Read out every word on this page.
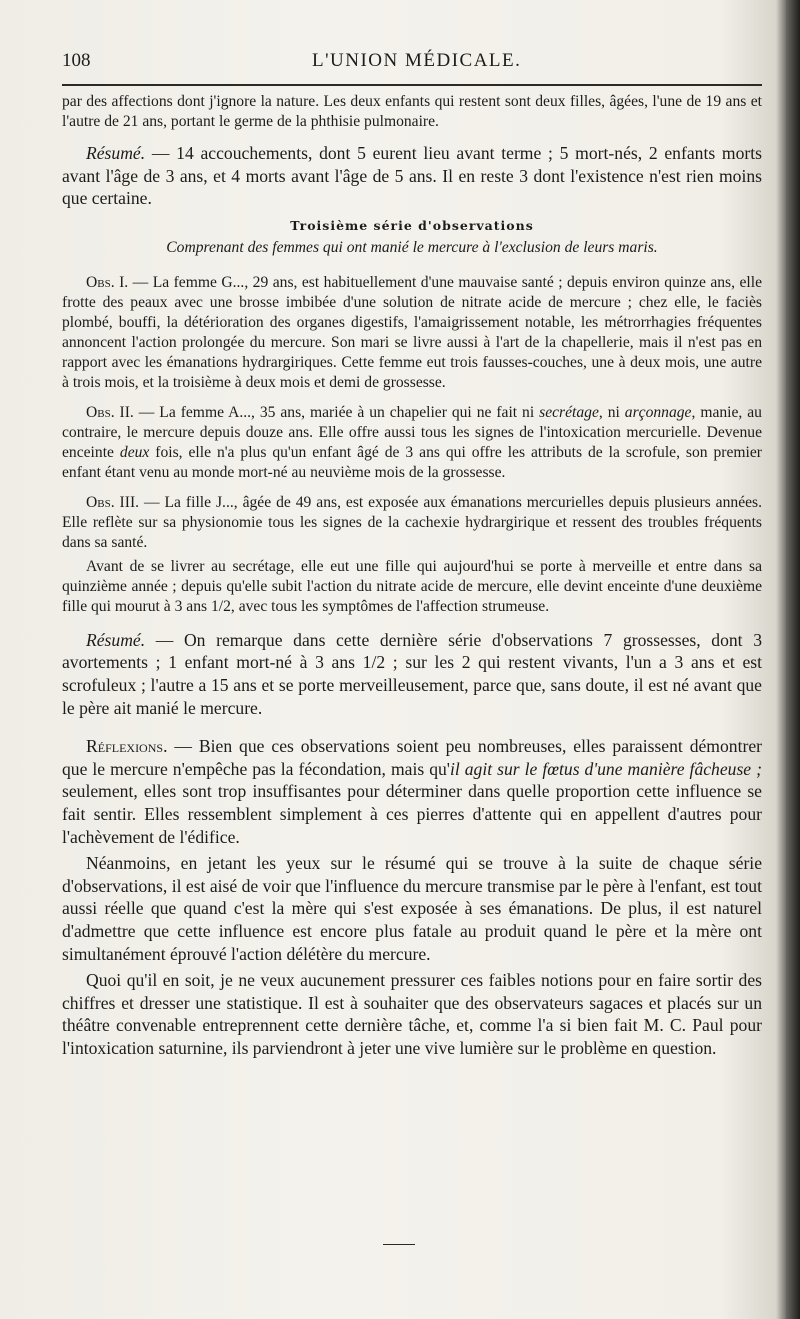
108	L'UNION MÉDICALE.

par des affections dont j'ignore la nature. Les deux enfants qui restent sont deux filles, âgées, l'une de 19 ans et l'autre de 21 ans, portant le germe de la phthisie pulmonaire.

Résumé. — 14 accouchements, dont 5 eurent lieu avant terme ; 5 mort-nés, 2 enfants morts avant l'âge de 3 ans, et 4 morts avant l'âge de 5 ans. Il en reste 3 dont l'existence n'est rien moins que certaine.

Troisième série d'observations
Comprenant des femmes qui ont manié le mercure à l'exclusion de leurs maris.

Obs. I. — La femme G..., 29 ans, est habituellement d'une mauvaise santé ; depuis environ quinze ans, elle frotte des peaux avec une brosse imbibée d'une solution de nitrate acide de mercure ; chez elle, le faciès plombé, bouffi, la détérioration des organes digestifs, l'amaigrissement notable, les métrorrhagies fréquentes annoncent l'action prolongée du mercure. Son mari se livre aussi à l'art de la chapellerie, mais il n'est pas en rapport avec les émanations hydrargiriques. Cette femme eut trois fausses-couches, une à deux mois, une autre à trois mois, et la troisième à deux mois et demi de grossesse.

Obs. II. — La femme A..., 35 ans, mariée à un chapelier qui ne fait ni secrétage, ni arçonnage, manie, au contraire, le mercure depuis douze ans. Elle offre aussi tous les signes de l'intoxication mercurielle. Devenue enceinte deux fois, elle n'a plus qu'un enfant âgé de 3 ans qui offre les attributs de la scrofule, son premier enfant étant venu au monde mort-né au neuvième mois de la grossesse.

Obs. III. — La fille J..., âgée de 49 ans, est exposée aux émanations mercurielles depuis plusieurs années. Elle reflète sur sa physionomie tous les signes de la cachexie hydrargirique et ressent des troubles fréquents dans sa santé.

Avant de se livrer au secrétage, elle eut une fille qui aujourd'hui se porte à merveille et entre dans sa quinzième année ; depuis qu'elle subit l'action du nitrate acide de mercure, elle devint enceinte d'une deuxième fille qui mourut à 3 ans 1/2, avec tous les symptômes de l'affection strumeuse.

Résumé. — On remarque dans cette dernière série d'observations 7 grossesses, dont 3 avortements ; 1 enfant mort-né à 3 ans 1/2 ; sur les 2 qui restent vivants, l'un a 3 ans et est scrofuleux ; l'autre a 15 ans et se porte merveilleusement, parce que, sans doute, il est né avant que le père ait manié le mercure.

Réflexions. — Bien que ces observations soient peu nombreuses, elles paraissent démontrer que le mercure n'empêche pas la fécondation, mais qu'il agit sur le fœtus d'une manière fâcheuse ; seulement, elles sont trop insuffisantes pour déterminer dans quelle proportion cette influence se fait sentir. Elles ressemblent simplement à ces pierres d'attente qui en appellent d'autres pour l'achèvement de l'édifice.

Néanmoins, en jetant les yeux sur le résumé qui se trouve à la suite de chaque série d'observations, il est aisé de voir que l'influence du mercure transmise par le père à l'enfant, est tout aussi réelle que quand c'est la mère qui s'est exposée à ses émanations. De plus, il est naturel d'admettre que cette influence est encore plus fatale au produit quand le père et la mère ont simultanément éprouvé l'action délétère du mercure.

Quoi qu'il en soit, je ne veux aucunement pressurer ces faibles notions pour en faire sortir des chiffres et dresser une statistique. Il est à souhaiter que des observateurs sagaces et placés sur un théâtre convenable entreprennent cette dernière tâche, et, comme l'a si bien fait M. C. Paul pour l'intoxication saturnine, ils parviendront à jeter une vive lumière sur le problème en question.
